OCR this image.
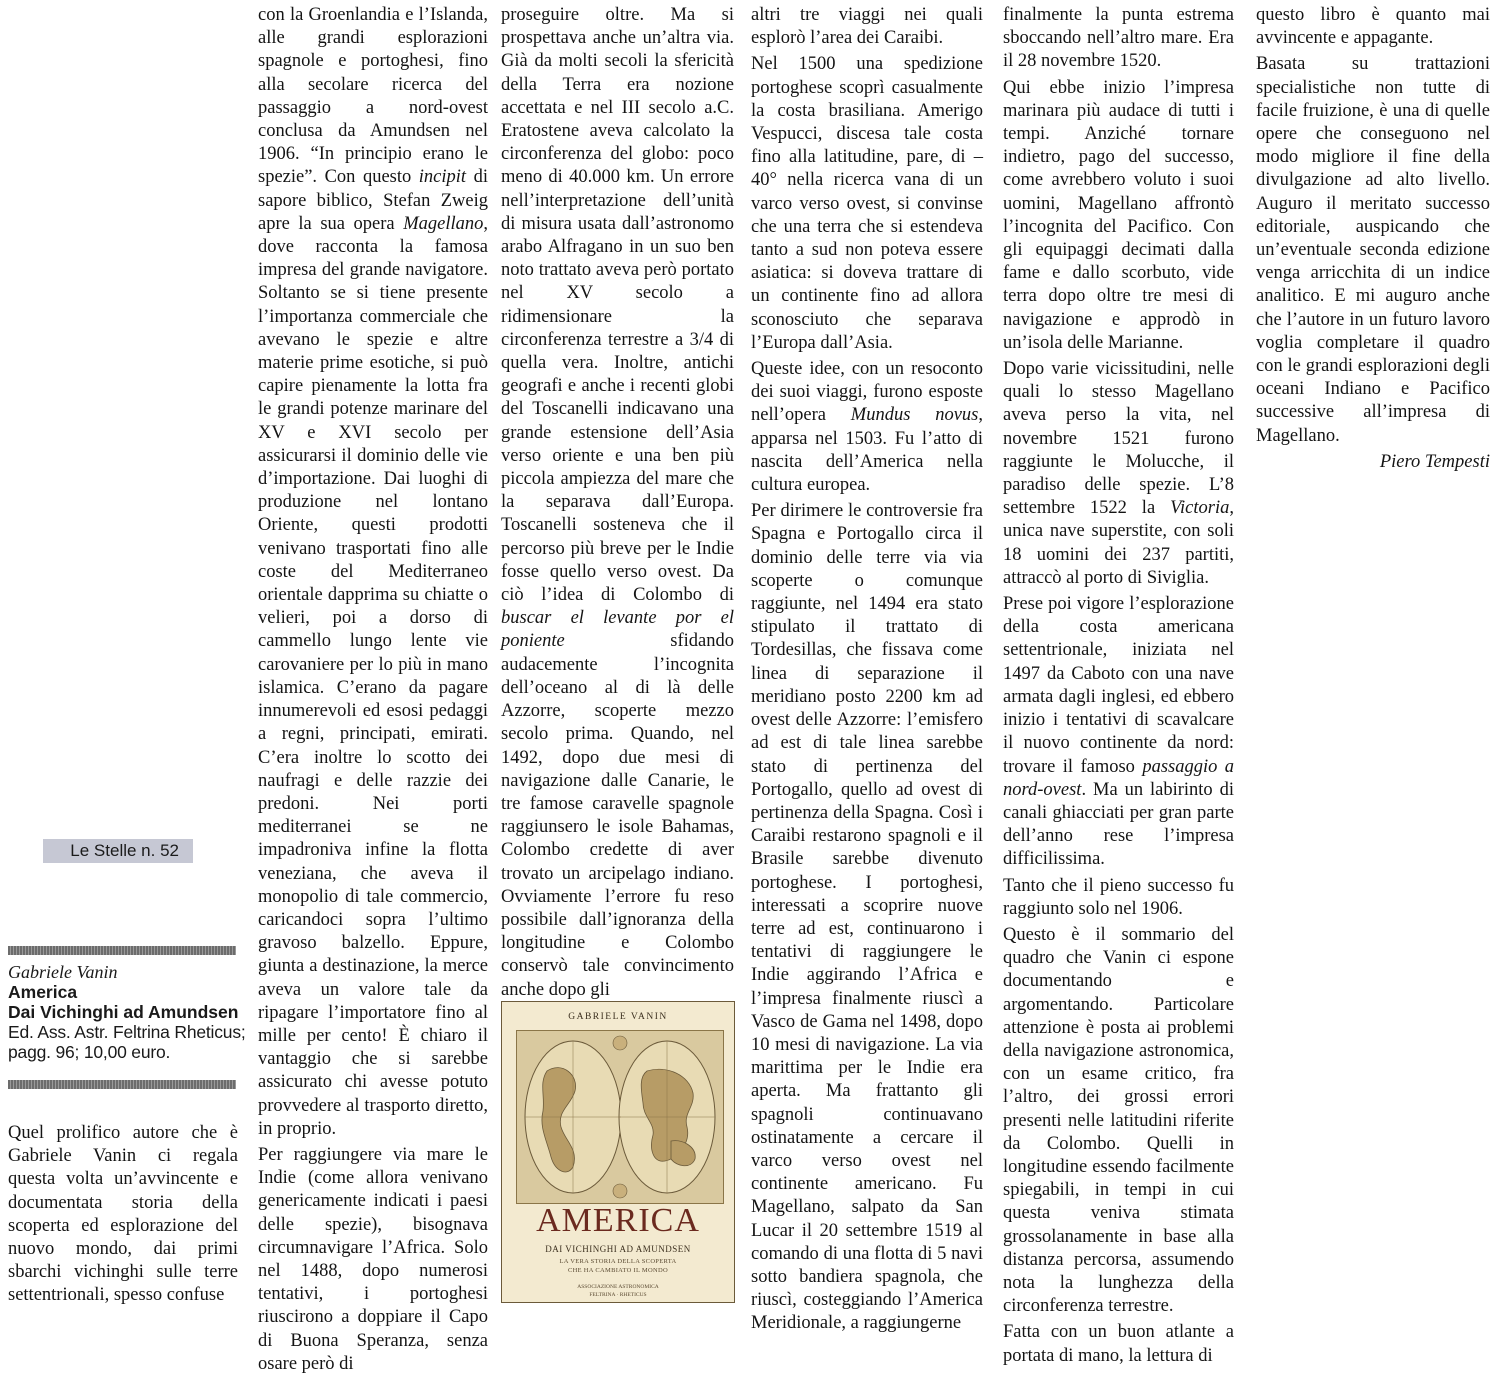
Le Stelle n. 52
Gabriele Vanin
America
Dai Vichinghi ad Amundsen
Ed. Ass. Astr. Feltrina Rheticus;
pagg. 96; 10,00 euro.

Quel prolifico autore che è Gabriele Vanin ci regala questa volta un’avvincente e documentata storia della scoperta ed esplorazione del nuovo mondo, dai primi sbarchi vichinghi sulle terre settentrionali, spesso confuse

con la Groenlandia e l’Islanda, alle grandi esplorazioni spagnole e portoghesi, fino alla secolare ricerca del passaggio a nord-ovest conclusa da Amundsen nel 1906. “In principio erano le spezie”. Con questo incipit di sapore biblico, Stefan Zweig apre la sua opera Magellano, dove racconta la famosa impresa del grande navigatore. Soltanto se si tiene presente l’importanza commerciale che avevano le spezie e altre materie prime esotiche, si può capire pienamente la lotta fra le grandi potenze marinare del XV e XVI secolo per assicurarsi il dominio delle vie d’importazione. Dai luoghi di produzione nel lontano Oriente, questi prodotti venivano trasportati fino alle coste del Mediterraneo orientale dapprima su chiatte o velieri, poi a dorso di cammello lungo lente vie carovaniere per lo più in mano islamica. C’erano da pagare innumerevoli ed esosi pedaggi a regni, principati, emirati. C’era inoltre lo scotto dei naufragi e delle razzie dei predoni. Nei porti mediterranei se ne impadroniva infine la flotta veneziana, che aveva il monopolio di tale commercio, caricandoci sopra l’ultimo gravoso balzello. Eppure, giunta a destinazione, la merce aveva un valore tale da ripagare l’importatore fino al mille per cento! È chiaro il vantaggio che si sarebbe assicurato chi avesse potuto provvedere al trasporto diretto, in proprio.

Per raggiungere via mare le Indie (come allora venivano genericamente indicati i paesi delle spezie), bisognava circumnavigare l’Africa. Solo nel 1488, dopo numerosi tentativi, i portoghesi riuscirono a doppiare il Capo di Buona Speranza, senza osare però di

proseguire oltre. Ma si prospettava anche un’altra via. Già da molti secoli la sfericità della Terra era nozione accettata e nel III secolo a.C. Eratostene aveva calcolato la circonferenza del globo: poco meno di 40.000 km. Un errore nell’interpretazione dell’unità di misura usata dall’astronomo arabo Alfragano in un suo ben noto trattato aveva però portato nel XV secolo a ridimensionare la circonferenza terrestre a 3/4 di quella vera. Inoltre, antichi geografi e anche i recenti globi del Toscanelli indicavano una grande estensione dell’Asia verso oriente e una ben più piccola ampiezza del mare che la separava dall’Europa. Toscanelli sosteneva che il percorso più breve per le Indie fosse quello verso ovest. Da ciò l’idea di Colombo di buscar el levante por el poniente sfidando audacemente l’incognita dell’oceano al di là delle Azzorre, scoperte mezzo secolo prima. Quando, nel 1492, dopo due mesi di navigazione dalle Canarie, le tre famose caravelle spagnole raggiunsero le isole Bahamas, Colombo credette di aver trovato un arcipelago indiano. Ovviamente l’errore fu reso possibile dall’ignoranza della longitudine e Colombo conservò tale convincimento anche dopo gli

GABRIELE VANIN
AMERICA
DAI VICHINGHI AD AMUNDSEN
LA VERA STORIA DELLA SCOPERTA
CHE HA CAMBIATO IL MONDO
ASSOCIAZIONE ASTRONOMICA
FELTRINA · RHETICUS

altri tre viaggi nei quali esplorò l’area dei Caraibi.

Nel 1500 una spedizione portoghese scoprì casualmente la costa brasiliana. Amerigo Vespucci, discesa tale costa fino alla latitudine, pare, di –40° nella ricerca vana di un varco verso ovest, si convinse che una terra che si estendeva tanto a sud non poteva essere asiatica: si doveva trattare di un continente fino ad allora sconosciuto che separava l’Europa dall’Asia.

Queste idee, con un resoconto dei suoi viaggi, furono esposte nell’opera Mundus novus, apparsa nel 1503. Fu l’atto di nascita dell’America nella cultura europea.

Per dirimere le controversie fra Spagna e Portogallo circa il dominio delle terre via via scoperte o comunque raggiunte, nel 1494 era stato stipulato il trattato di Tordesillas, che fissava come linea di separazione il meridiano posto 2200 km ad ovest delle Azzorre: l’emisfero ad est di tale linea sarebbe stato di pertinenza del Portogallo, quello ad ovest di pertinenza della Spagna. Così i Caraibi restarono spagnoli e il Brasile sarebbe divenuto portoghese. I portoghesi, interessati a scoprire nuove terre ad est, continuarono i tentativi di raggiungere le Indie aggirando l’Africa e l’impresa finalmente riuscì a Vasco de Gama nel 1498, dopo 10 mesi di navigazione. La via marittima per le Indie era aperta. Ma frattanto gli spagnoli continuavano ostinatamente a cercare il varco verso ovest nel continente americano. Fu Magellano, salpato da San Lucar il 20 settembre 1519 al comando di una flotta di 5 navi sotto bandiera spagnola, che riuscì, costeggiando l’America Meridionale, a raggiungerne

finalmente la punta estrema sboccando nell’altro mare. Era il 28 novembre 1520.

Qui ebbe inizio l’impresa marinara più audace di tutti i tempi. Anziché tornare indietro, pago del successo, come avrebbero voluto i suoi uomini, Magellano affrontò l’incognita del Pacifico. Con gli equipaggi decimati dalla fame e dallo scorbuto, vide terra dopo oltre tre mesi di navigazione e approdò in un’isola delle Marianne.

Dopo varie vicissitudini, nelle quali lo stesso Magellano aveva perso la vita, nel novembre 1521 furono raggiunte le Molucche, il paradiso delle spezie. L’8 settembre 1522 la Victoria, unica nave superstite, con soli 18 uomini dei 237 partiti, attraccò al porto di Siviglia.

Prese poi vigore l’esplorazione della costa americana settentrionale, iniziata nel 1497 da Caboto con una nave armata dagli inglesi, ed ebbero inizio i tentativi di scavalcare il nuovo continente da nord: trovare il famoso passaggio a nord-ovest. Ma un labirinto di canali ghiacciati per gran parte dell’anno rese l’impresa difficilissima.

Tanto che il pieno successo fu raggiunto solo nel 1906.

Questo è il sommario del quadro che Vanin ci espone documentando e argomentando. Particolare attenzione è posta ai problemi della navigazione astronomica, con un esame critico, fra l’altro, dei grossi errori presenti nelle latitudini riferite da Colombo. Quelli in longitudine essendo facilmente spiegabili, in tempi in cui questa veniva stimata grossolanamente in base alla distanza percorsa, assumendo nota la lunghezza della circonferenza terrestre.

Fatta con un buon atlante a portata di mano, la lettura di

questo libro è quanto mai avvincente e appagante.

Basata su trattazioni specialistiche non tutte di facile fruizione, è una di quelle opere che conseguono nel modo migliore il fine della divulgazione ad alto livello. Auguro il meritato successo editoriale, auspicando che un’eventuale seconda edizione venga arricchita di un indice analitico. E mi auguro anche che l’autore in un futuro lavoro voglia completare il quadro con le grandi esplorazioni degli oceani Indiano e Pacifico successive all’impresa di Magellano.

Piero Tempesti
